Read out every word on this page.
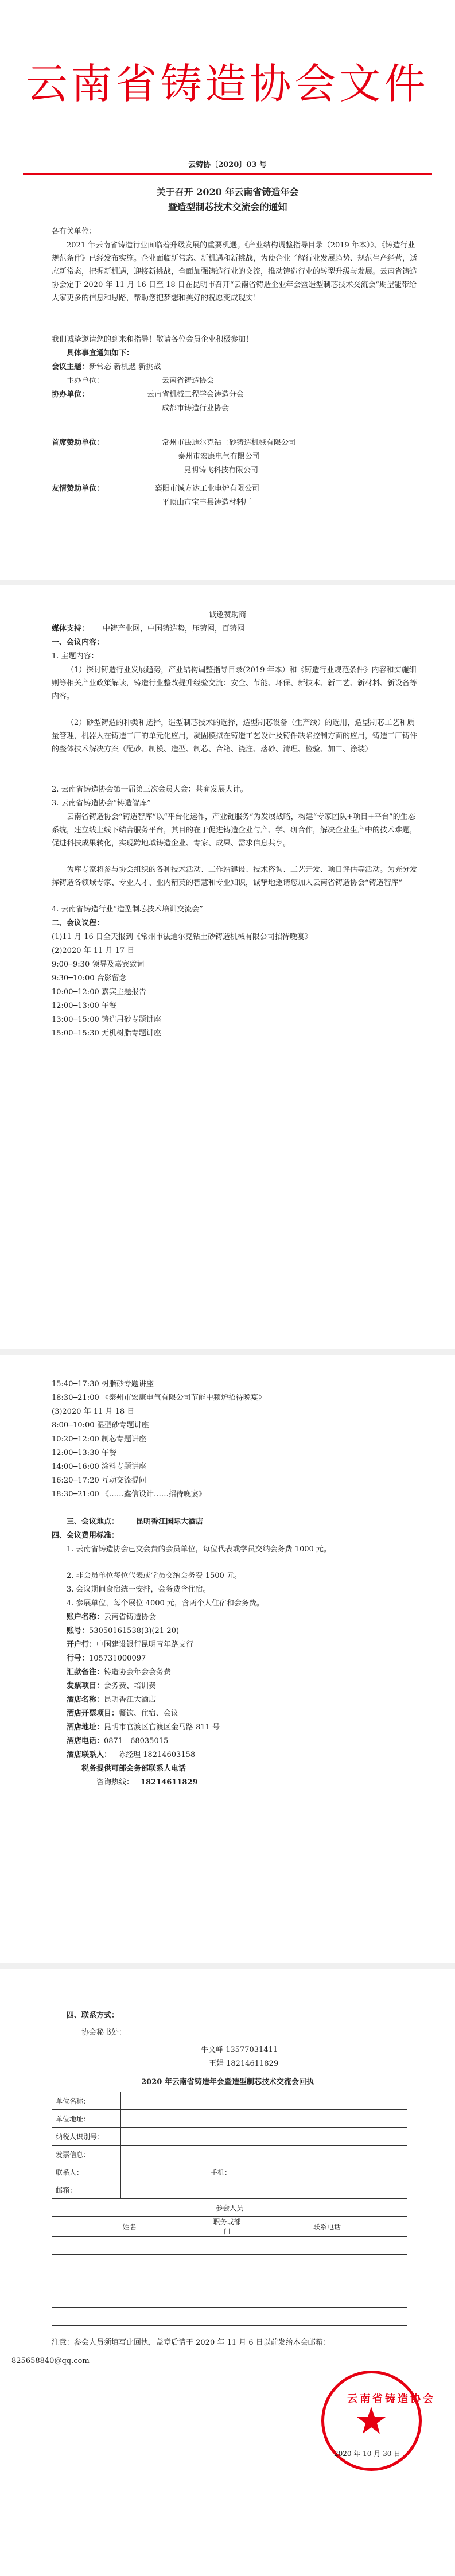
云南省铸造协会文件
云铸协〔2020〕03 号
关于召开 2020 年云南省铸造年会
暨造型制芯技术交流会的通知
各有关单位：
2021 年云南省铸造行业面临着升级发展的重要机遇。《产业结构调整指导目录（2019 年本）》、《铸造行业规范条件》已经发布实施。企业面临新常态、新机遇和新挑战，为使企业了解行业发展趋势、规范生产经营，适应新常态，把握新机遇，迎接新挑战，全面加强铸造行业的交流，推动铸造行业的转型升级与发展。云南省铸造协会定于 2020 年 11 月 16 日至 18 日在昆明市召开“云南省铸造企业年会暨造型制芯技术交流会”期望能带给大家更多的信息和思路，帮助您把梦想和美好的祝愿变成现实！
我们诚挚邀请您的到来和指导！敬请各位会员企业积极参加！
具体事宜通知如下：
会议主题：新常态 新机遇 新挑战
主办单位：	云南省铸造协会
协办单位：	云南省机械工程学会铸造分会
成都市铸造行业协会
首席赞助单位：	常州市法迪尔克钻土砂铸造机械有限公司
泰州市宏康电气有限公司
昆明铸飞科技有限公司
友情赞助单位：	襄阳市诚方达工业电炉有限公司
平顶山市宝丰县铸造材料厂
诚邀赞助商
媒体支持： 中铸产业网，中国铸造势，压铸网，百铸网
一、会议内容：
1. 主题内容：
（1）探讨铸造行业发展趋势，产业结构调整指导目录(2019 年本）和《铸造行业规范条件》内容和实施细则等相关产业政策解读，铸造行业整改提升经验交流：安全、节能、环保、新技术、新工艺、新材料、新设备等内容。
（2）砂型铸造的种类和选择，造型制芯技术的选择，造型制芯设备（生产线）的选用，造型制芯工艺和质量管理，机器人在铸造工厂的单元化应用，凝固模拟在铸造工艺设计及铸件缺陷控制方面的应用，铸造工厂铸件的整体技术解决方案（配砂、制模、造型、制芯、合箱、浇注、落砂、清理、检验、加工、涂装）
2. 云南省铸造协会第一届第三次会员大会：共商发展大计。
3. 云南省铸造协会“铸造智库”
云南省铸造协会“铸造智库”以“平台化运作，产业链服务”为发展战略，构建“专家团队+项目+平台”的生态系统，建立线上线下结合服务平台，其目的在于促进铸造企业与产、学、研合作，解决企业生产中的技术难题，促进科技成果转化，实现跨地域铸造企业、专家、成果、需求信息共享。
为库专家将参与协会组织的各种技术活动、工作站建设、技术咨询、工艺开发、项目评估等活动。为充分发挥铸造各领域专家、专业人才、业内精英的智慧和专业知识，诚挚地邀请您加入云南省铸造协会“铸造智库”
4. 云南省铸造行业“造型制芯技术培训交流会”
二、会议议程：
(1)11 月 16 日全天报到《常州市法迪尔克钻土砂铸造机械有限公司招待晚宴》
(2)2020 年 11 月 17 日
9:00─9:30 领导及嘉宾致词
9:30─10:00 合影留念
10:00─12:00 嘉宾主题报告
12:00─13:00 午餐
13:00─15:00 铸造用砂专题讲座
15:00─15:30 无机树脂专题讲座
15:40─17:30 树脂砂专题讲座
18:30─21:00 《泰州市宏康电气有限公司节能中频炉招待晚宴》
(3)2020 年 11 月 18 日
8:00─10:00 湿型砂专题讲座
10:20─12:00 制芯专题讲座
12:00─13:30 午餐
14:00─16:00 涂料专题讲座
16:20─17:20 互动交流提问
18:30─21:00 《……鑫信设计……招待晚宴》
三、会议地点： 昆明香江国际大酒店
四、会议费用标准：
1. 云南省铸造协会已交会费的会员单位，每位代表或学员交纳会务费 1000 元。
2. 非会员单位每位代表或学员交纳会务费 1500 元。
3. 会议期间食宿统一安排，会务费含住宿。
4. 参展单位，每个展位 4000 元，含两个人住宿和会务费。
账户名称：云南省铸造协会
账号：53050161538(3)(21-20)
开户行：中国建设银行昆明青年路支行
行号：105731000097
汇款备注：铸造协会年会会务费
发票项目：会务费、培训费
酒店名称：昆明香江大酒店
酒店开票项目：餐饮、住宿、会议
酒店地址：昆明市官渡区官渡区金马路 811 号
酒店电话：0871—68035015
酒店联系人： 陈经理 18214603158
税务提供可部会务部联系人电话
咨询热线： 18214611829
四、联系方式：
协会秘书处：
牛文峰 13577031411
王娟 18214611829
2020 年云南省铸造年会暨造型制芯技术交流会回执
单位名称：			
单位地址：			
纳税人识别号：			
发票信息：			
联系人：		手机：	
邮箱：			
参会人员			
姓名		职务或部门	联系电话

注意：参会人员须填写此回执，盖章后请于 2020 年 11 月 6 日以前发给本会邮箱：
825658840@qq.com
云南省铸造协会
2020 年 10 月 30 日
